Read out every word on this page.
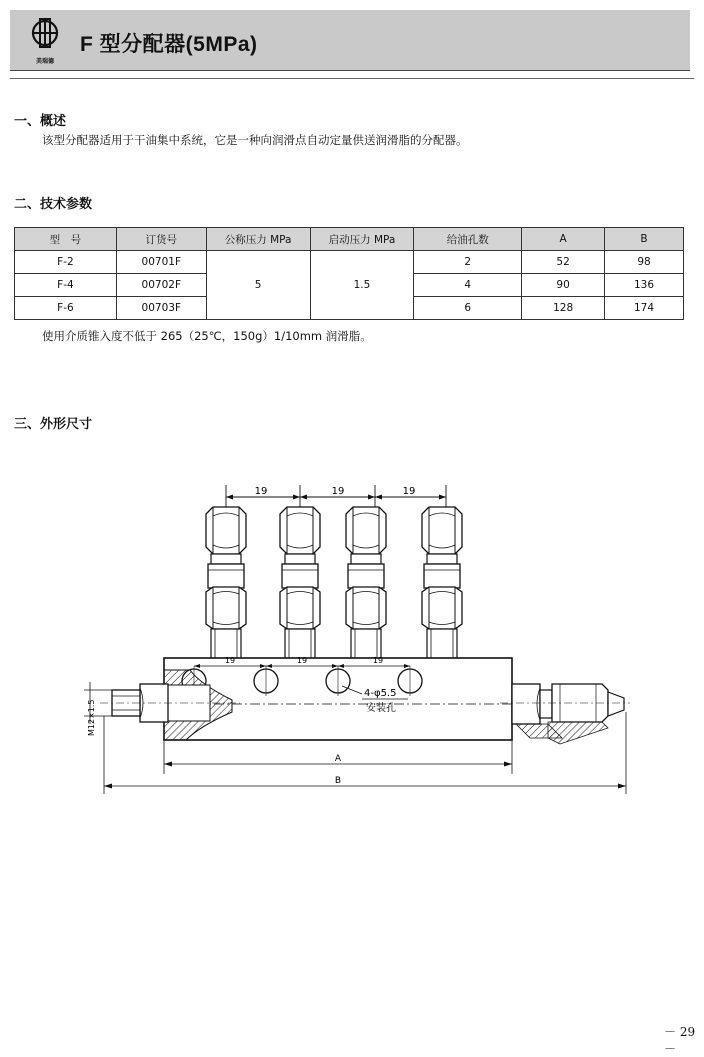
美瑞德
F 型分配器(5MPa)
一、概述
该型分配器适用于干油集中系统，它是一种向润滑点自动定量供送润滑脂的分配器。
二、技术参数
型　号	订货号	公称压力 MPa	启动压力 MPa	给油孔数	A	B
F-2	00701F	5	1.5	2	52	98
F-4	00702F			4	90	136
F-6	00703F			6	128	174
使用介质锥入度不低于 265（25℃，150g）1/10mm 润滑脂。
三、外形尺寸
19	19	19
19	19	19
4-φ5.5
安装孔
M12×1.5
A
B
－ 29 －
